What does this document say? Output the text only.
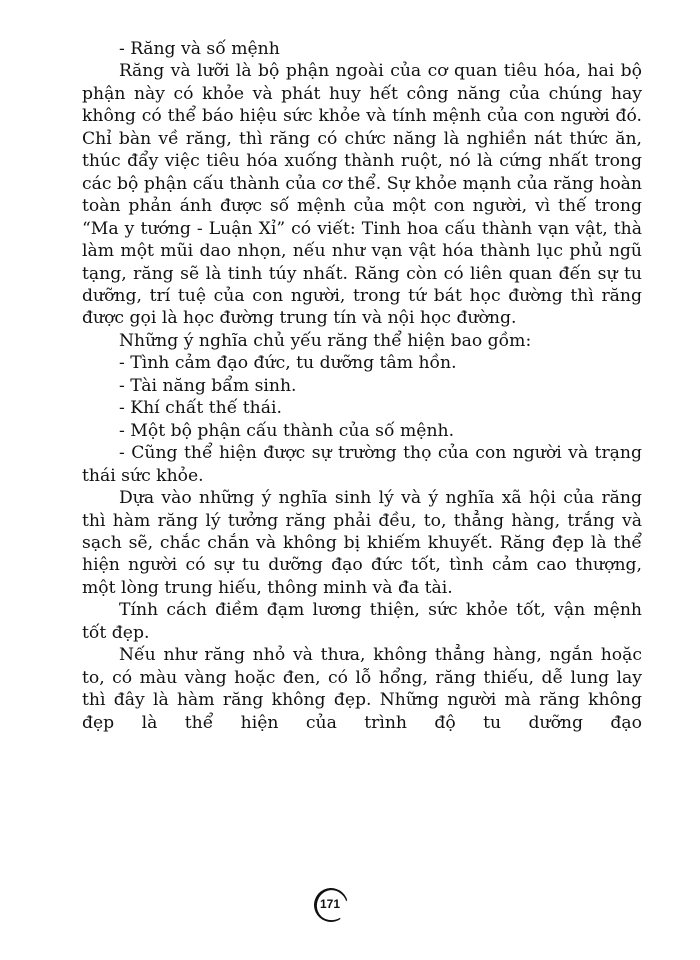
- Răng và số mệnh

Răng và lưỡi là bộ phận ngoài của cơ quan tiêu hóa, hai bộ phận này có khỏe và phát huy hết công năng của chúng hay không có thể báo hiệu sức khỏe và tính mệnh của con người đó. Chỉ bàn về răng, thì răng có chức năng là nghiền nát thức ăn, thúc đẩy việc tiêu hóa xuống thành ruột, nó là cứng nhất trong các bộ phận cấu thành của cơ thể. Sự khỏe mạnh của răng hoàn toàn phản ánh được số mệnh của một con người, vì thế trong “Ma y tướng - Luận Xỉ” có viết: Tinh hoa cấu thành vạn vật, thà làm một mũi dao nhọn, nếu như vạn vật hóa thành lục phủ ngũ tạng, răng sẽ là tinh túy nhất. Răng còn có liên quan đến sự tu dưỡng, trí tuệ của con người, trong tứ bát học đường thì răng được gọi là học đường trung tín và nội học đường.

Những ý nghĩa chủ yếu răng thể hiện bao gồm:

- Tình cảm đạo đức, tu dưỡng tâm hồn.

- Tài năng bẩm sinh.

- Khí chất thế thái.

- Một bộ phận cấu thành của số mệnh.

- Cũng thể hiện được sự trường thọ của con người và trạng thái sức khỏe.

Dựa vào những ý nghĩa sinh lý và ý nghĩa xã hội của răng thì hàm răng lý tưởng răng phải đều, to, thẳng hàng, trắng và sạch sẽ, chắc chắn và không bị khiếm khuyết. Răng đẹp là thể hiện người có sự tu dưỡng đạo đức tốt, tình cảm cao thượng, một lòng trung hiếu, thông minh và đa tài.

Tính cách điềm đạm lương thiện, sức khỏe tốt, vận mệnh tốt đẹp.

Nếu như răng nhỏ và thưa, không thẳng hàng, ngắn hoặc to, có màu vàng hoặc đen, có lỗ hổng, răng thiếu, dễ lung lay thì đây là hàm răng không đẹp. Những người mà răng không đẹp là thể hiện của trình độ tu dưỡng đạo

171
